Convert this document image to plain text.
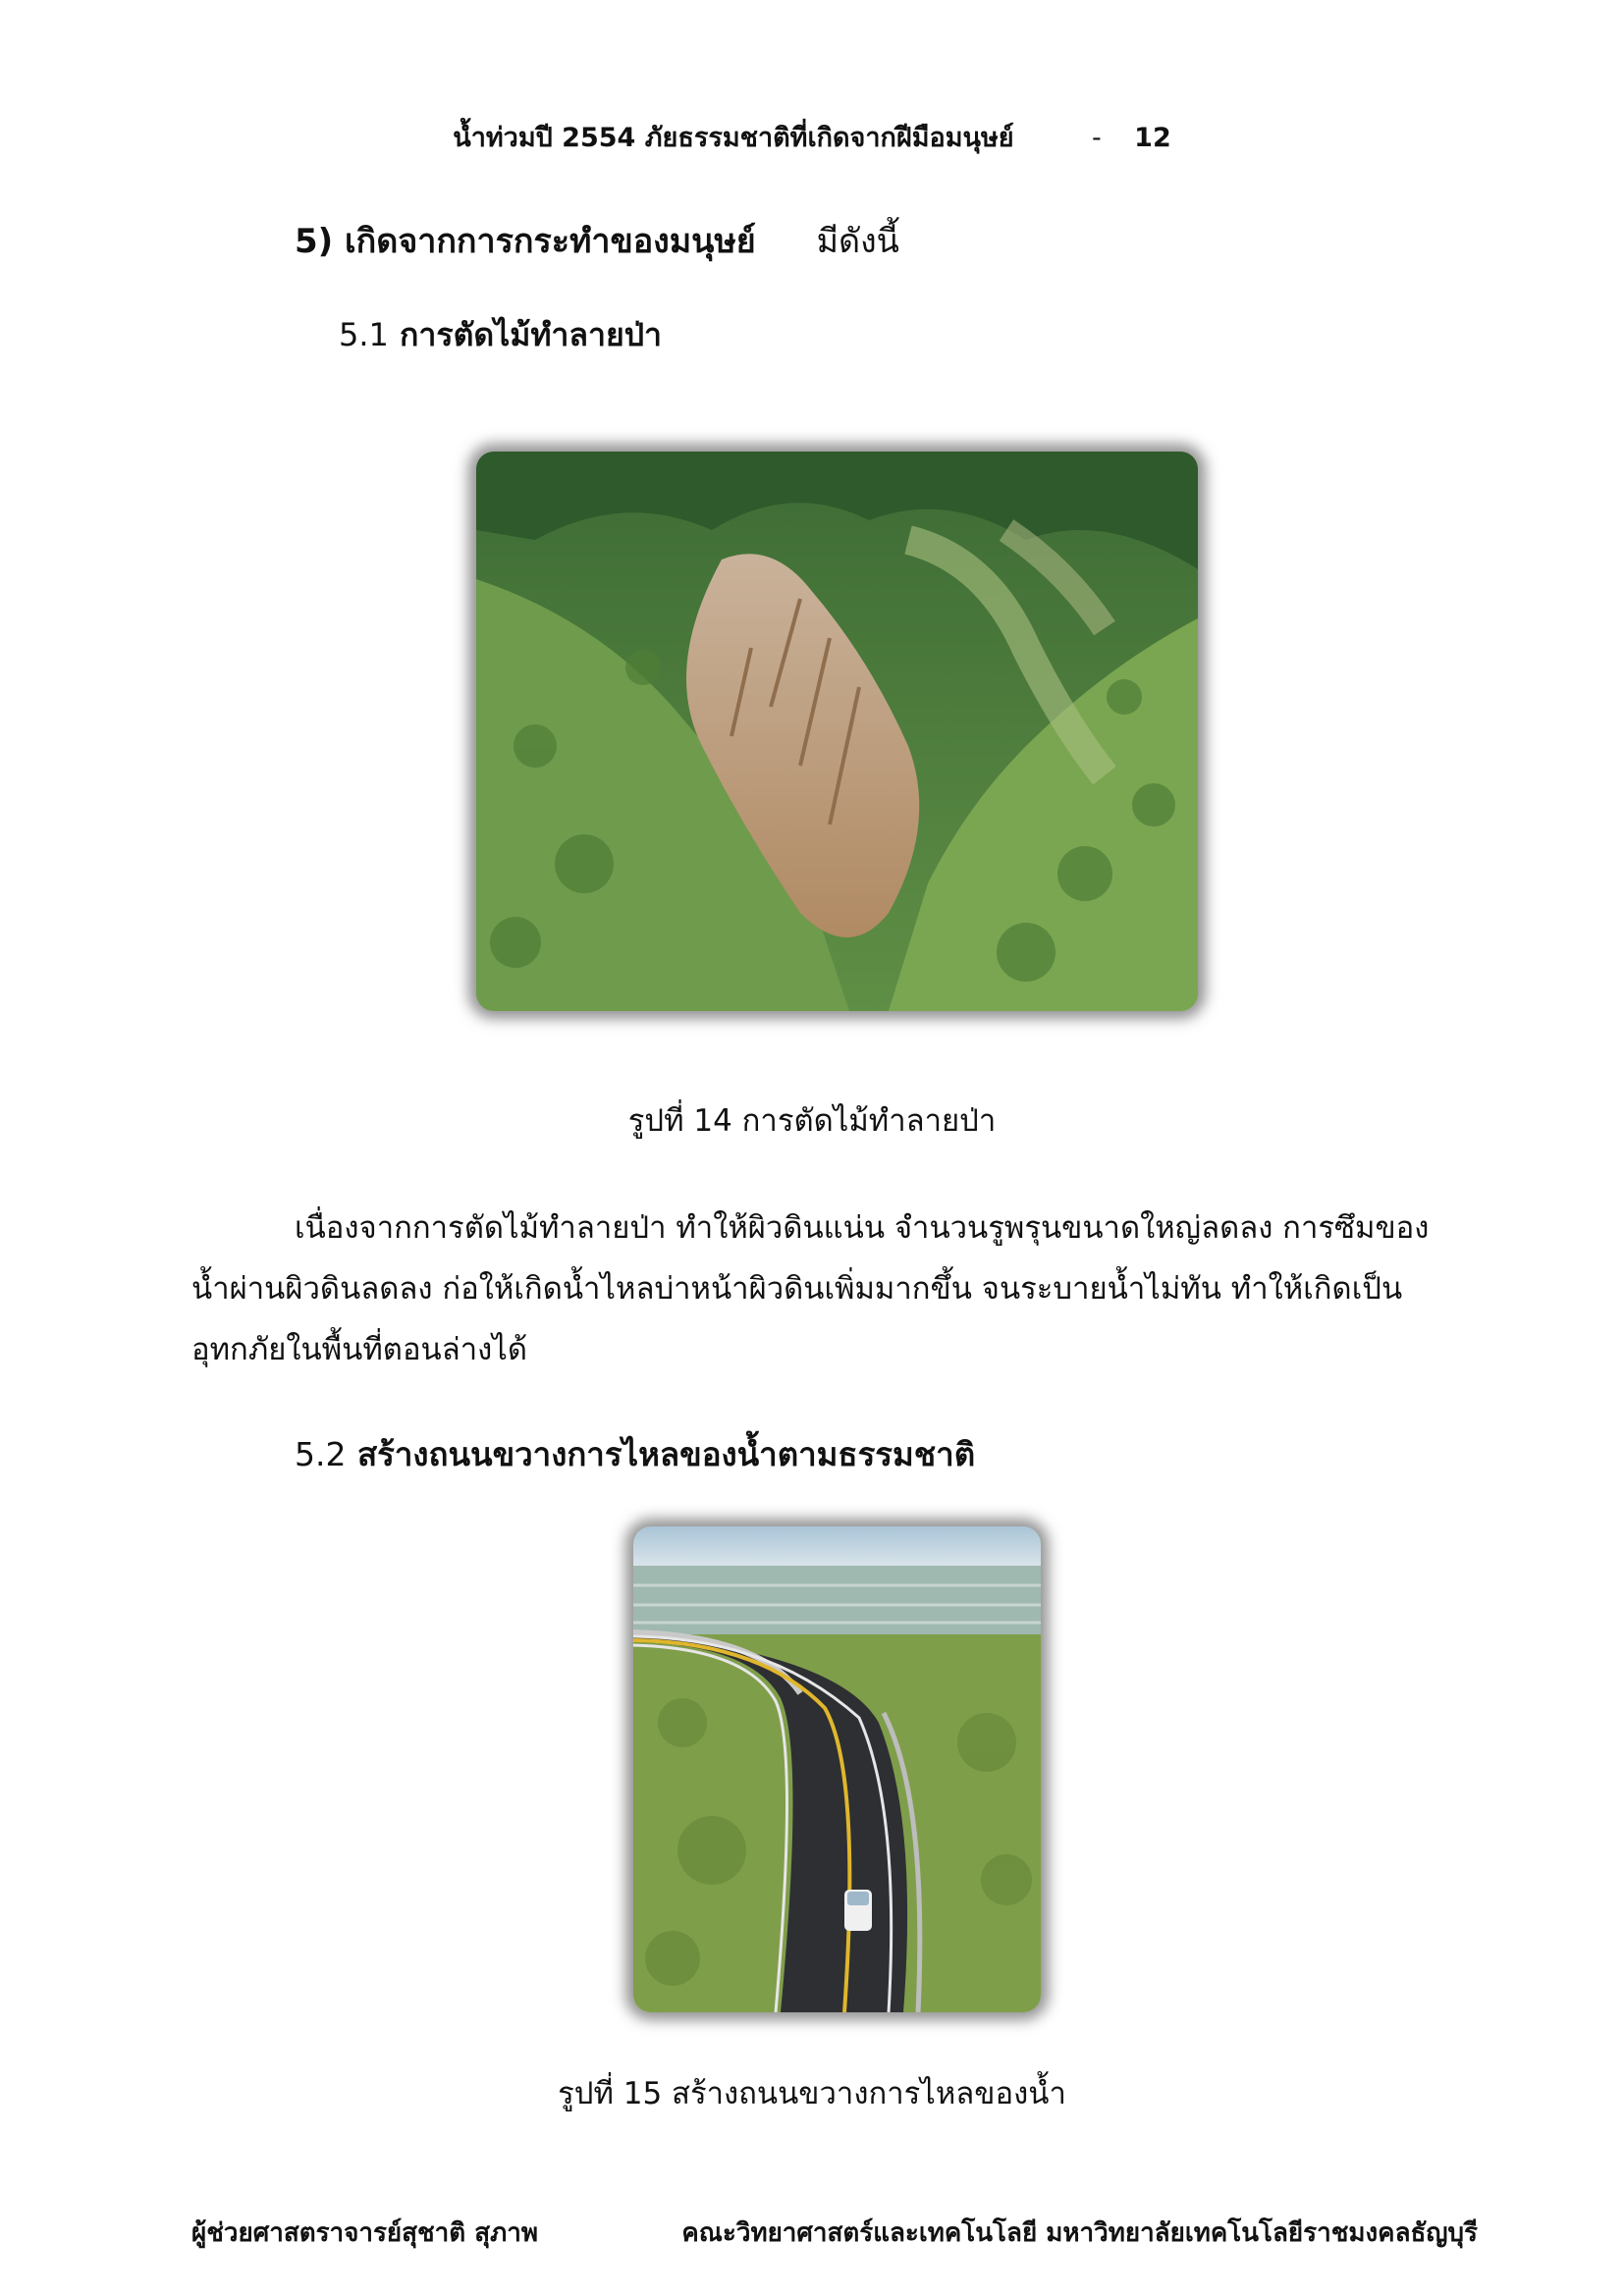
น้ำท่วมปี 2554 ภัยธรรมชาติที่เกิดจากฝีมือมนุษย์	- 12
5) เกิดจากการกระทำของมนุษย์ มีดังนี้
5.1 การตัดไม้ทำลายป่า
รูปที่ 14 การตัดไม้ทำลายป่า
เนื่องจากการตัดไม้ทำลายป่า ทำให้ผิวดินแน่น จำนวนรูพรุนขนาดใหญ่ลดลง การซึมของ
น้ำผ่านผิวดินลดลง ก่อให้เกิดน้ำไหลบ่าหน้าผิวดินเพิ่มมากขึ้น จนระบายน้ำไม่ทัน ทำให้เกิดเป็น
อุทกภัยในพื้นที่ตอนล่างได้
5.2 สร้างถนนขวางการไหลของน้ำตามธรรมชาติ
รูปที่ 15 สร้างถนนขวางการไหลของน้ำ
ผู้ช่วยศาสตราจารย์สุชาติ สุภาพ	คณะวิทยาศาสตร์และเทคโนโลยี มหาวิทยาลัยเทคโนโลยีราชมงคลธัญบุรี
